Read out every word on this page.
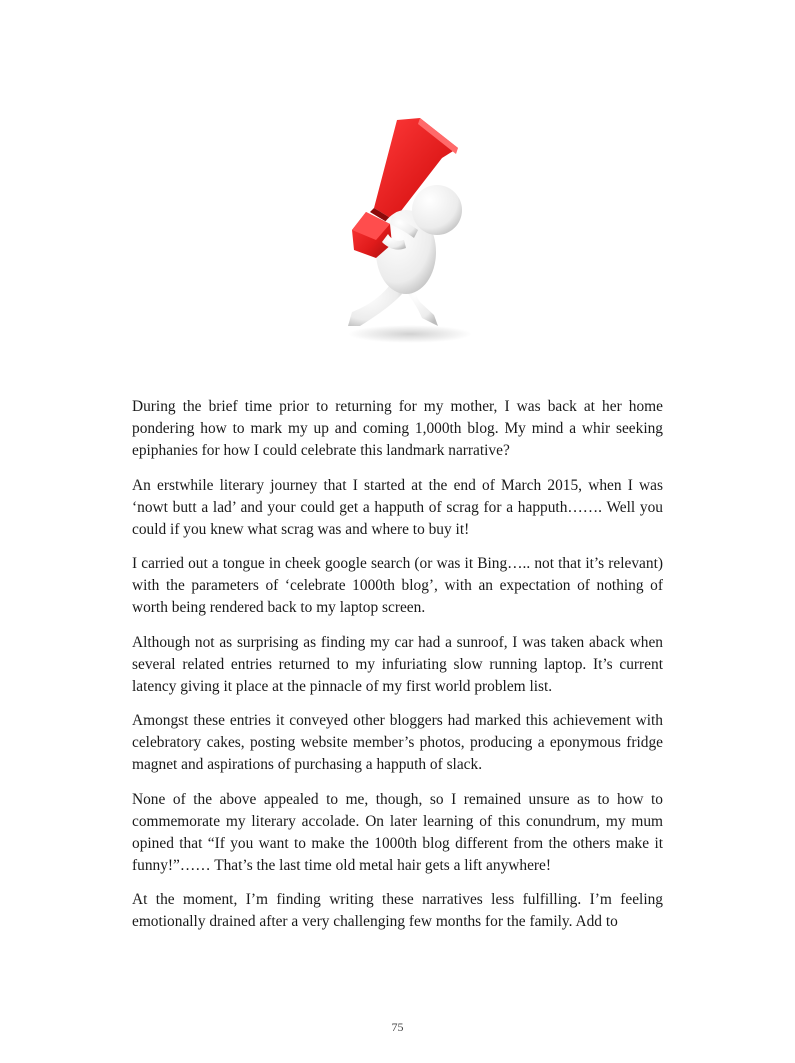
During the brief time prior to returning for my mother, I was back at her home pondering how to mark my up and coming 1,000th blog. My mind a whir seeking epiphanies for how I could celebrate this landmark narrative?

An erstwhile literary journey that I started at the end of March 2015, when I was ‘nowt butt a lad’ and your could get a happuth of scrag for a happuth……. Well you could if you knew what scrag was and where to buy it!

I carried out a tongue in cheek google search (or was it Bing….. not that it’s relevant) with the parameters of ‘celebrate 1000th blog’, with an expectation of nothing of worth being rendered back to my laptop screen.

Although not as surprising as finding my car had a sunroof, I was taken aback when several related entries returned to my infuriating slow running laptop. It’s current latency giving it place at the pinnacle of my first world problem list.

Amongst these entries it conveyed other bloggers had marked this achievement with celebratory cakes, posting website member’s photos, producing a eponymous fridge magnet and aspirations of purchasing a happuth of slack.

None of the above appealed to me, though, so I remained unsure as to how to commemorate my literary accolade. On later learning of this conundrum, my mum opined that “If you want to make the 1000th blog different from the others make it funny!”…… That’s the last time old metal hair gets a lift anywhere!

At the moment, I’m finding writing these narratives less fulfilling. I’m feeling emotionally drained after a very challenging few months for the family. Add to

75
